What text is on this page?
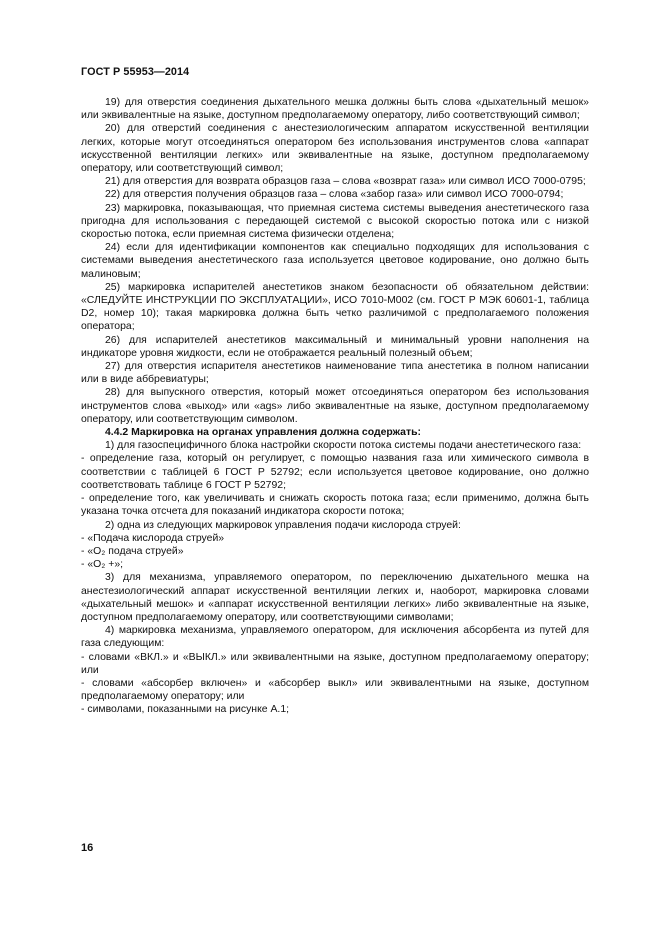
ГОСТ Р 55953—2014

19) для отверстия соединения дыхательного мешка должны быть слова «дыхательный мешок» или эквивалентные на языке, доступном предполагаемому оператору, либо соответствующий символ;

20) для отверстий соединения с анестезиологическим аппаратом искусственной вентиляции легких, которые могут отсоединяться оператором без использования инструментов слова «аппарат искусственной вентиляции легких» или эквивалентные на языке, доступном предполагаемому оператору, или соответствующий символ;

21) для отверстия для возврата образцов газа – слова «возврат газа» или символ ИСО 7000-0795;

22) для отверстия получения образцов газа – слова «забор газа» или символ ИСО 7000-0794;

23) маркировка, показывающая, что приемная система системы выведения анестетического газа пригодна для использования с передающей системой с высокой скоростью потока или с низкой скоростью потока, если приемная система физически отделена;

24) если для идентификации компонентов как специально подходящих для использования с системами выведения анестетического газа используется цветовое кодирование, оно должно быть малиновым;

25) маркировка испарителей анестетиков знаком безопасности об обязательном действии: «СЛЕДУЙТЕ ИНСТРУКЦИИ ПО ЭКСПЛУАТАЦИИ», ИСО 7010-M002 (см. ГОСТ Р МЭК 60601-1, таблица D2, номер 10); такая маркировка должна быть четко различимой с предполагаемого положения оператора;

26) для испарителей анестетиков максимальный и минимальный уровни наполнения на индикаторе уровня жидкости, если не отображается реальный полезный объем;

27) для отверстия испарителя анестетиков наименование типа анестетика в полном написании или в виде аббревиатуры;

28) для выпускного отверстия, который может отсоединяться оператором без использования инструментов слова «выход» или «ags» либо эквивалентные на языке, доступном предполагаемому оператору, или соответствующим символом.

4.4.2 Маркировка на органах управления должна содержать:

1) для газоспецифичного блока настройки скорости потока системы подачи анестетического газа:

- определение газа, который он регулирует, с помощью названия газа или химического символа в соответствии с таблицей 6 ГОСТ Р 52792; если используется цветовое кодирование, оно должно соответствовать таблице 6 ГОСТ Р 52792;

- определение того, как увеличивать и снижать скорость потока газа; если применимо, должна быть указана точка отсчета для показаний индикатора скорости потока;

2) одна из следующих маркировок управления подачи кислорода струей:

- «Подача кислорода струей»

- «O₂ подача струей»

- «O₂ +»;

3) для механизма, управляемого оператором, по переключению дыхательного мешка на анестезиологический аппарат искусственной вентиляции легких и, наоборот, маркировка словами «дыхательный мешок» и «аппарат искусственной вентиляции легких» либо эквивалентные на языке, доступном предполагаемому оператору, или соответствующими символами;

4) маркировка механизма, управляемого оператором, для исключения абсорбента из путей для газа следующим:

- словами «ВКЛ.» и «ВЫКЛ.» или эквивалентными на языке, доступном предполагаемому оператору; или

- словами «абсорбер включен» и «абсорбер выкл» или эквивалентными на языке, доступном предполагаемому оператору; или

- символами, показанными на рисунке А.1;

16
